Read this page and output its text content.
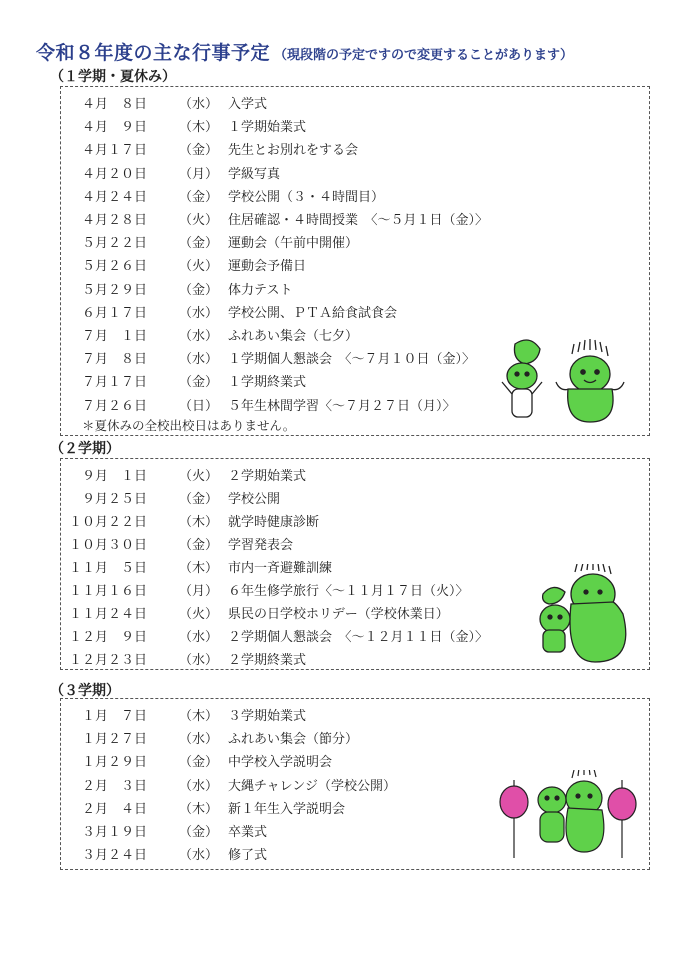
令和８年度の主な行事予定 （現段階の予定ですので変更することがあります）
（１学期・夏休み）
４月　８日 （水） 入学式
４月　９日 （木） １学期始業式
４月１７日 （金） 先生とお別れをする会
４月２０日 （月） 学級写真
４月２４日 （金） 学校公開（３・４時間目）
４月２８日 （火） 住居確認・４時間授業　〈～５月１日（金）〉
５月２２日 （金） 運動会（午前中開催）
５月２６日 （火） 運動会予備日
５月２９日 （金） 体力テスト
６月１７日 （水） 学校公開、ＰＴＡ給食試食会
７月　１日 （水） ふれあい集会（七夕）
７月　８日 （水） １学期個人懇談会　〈～７月１０日（金）〉
７月１７日 （金） １学期終業式
７月２６日 （日） ５年生林間学習〈～７月２７日（月）〉
＊夏休みの全校出校日はありません。
（２学期）
９月　１日 （火） ２学期始業式
９月２５日 （金） 学校公開
１０月２２日 （木） 就学時健康診断
１０月３０日 （金） 学習発表会
１１月　５日 （木） 市内一斉避難訓練
１１月１６日 （月） ６年生修学旅行〈～１１月１７日（火）〉
１１月２４日 （火） 県民の日学校ホリデー（学校休業日）
１２月　９日 （水） ２学期個人懇談会　〈～１２月１１日（金）〉
１２月２３日 （水） ２学期終業式
（３学期）
１月　７日 （木） ３学期始業式
１月２７日 （水） ふれあい集会（節分）
１月２９日 （金） 中学校入学説明会
２月　３日 （水） 大縄チャレンジ（学校公開）
２月　４日 （木） 新１年生入学説明会
３月１９日 （金） 卒業式
３月２４日 （水） 修了式
